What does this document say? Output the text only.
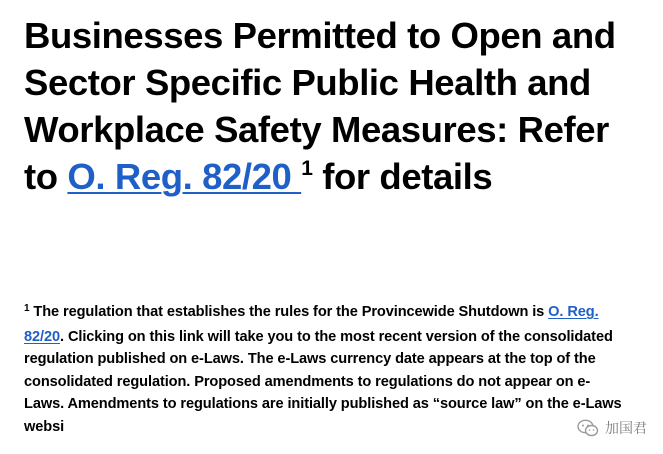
Businesses Permitted to Open and Sector Specific Public Health and Workplace Safety Measures: Refer to O. Reg. 82/20 $^1$ for details

$^1$ The regulation that establishes the rules for the Provincewide Shutdown is O. Reg. 82/20. Clicking on this link will take you to the most recent version of the consolidated regulation published on e-Laws. The e-Laws currency date appears at the top of the consolidated regulation. Proposed amendments to regulations do not appear on e-Laws. Amendments to regulations are initially published as “source law” on the e-Laws websi	加国君
